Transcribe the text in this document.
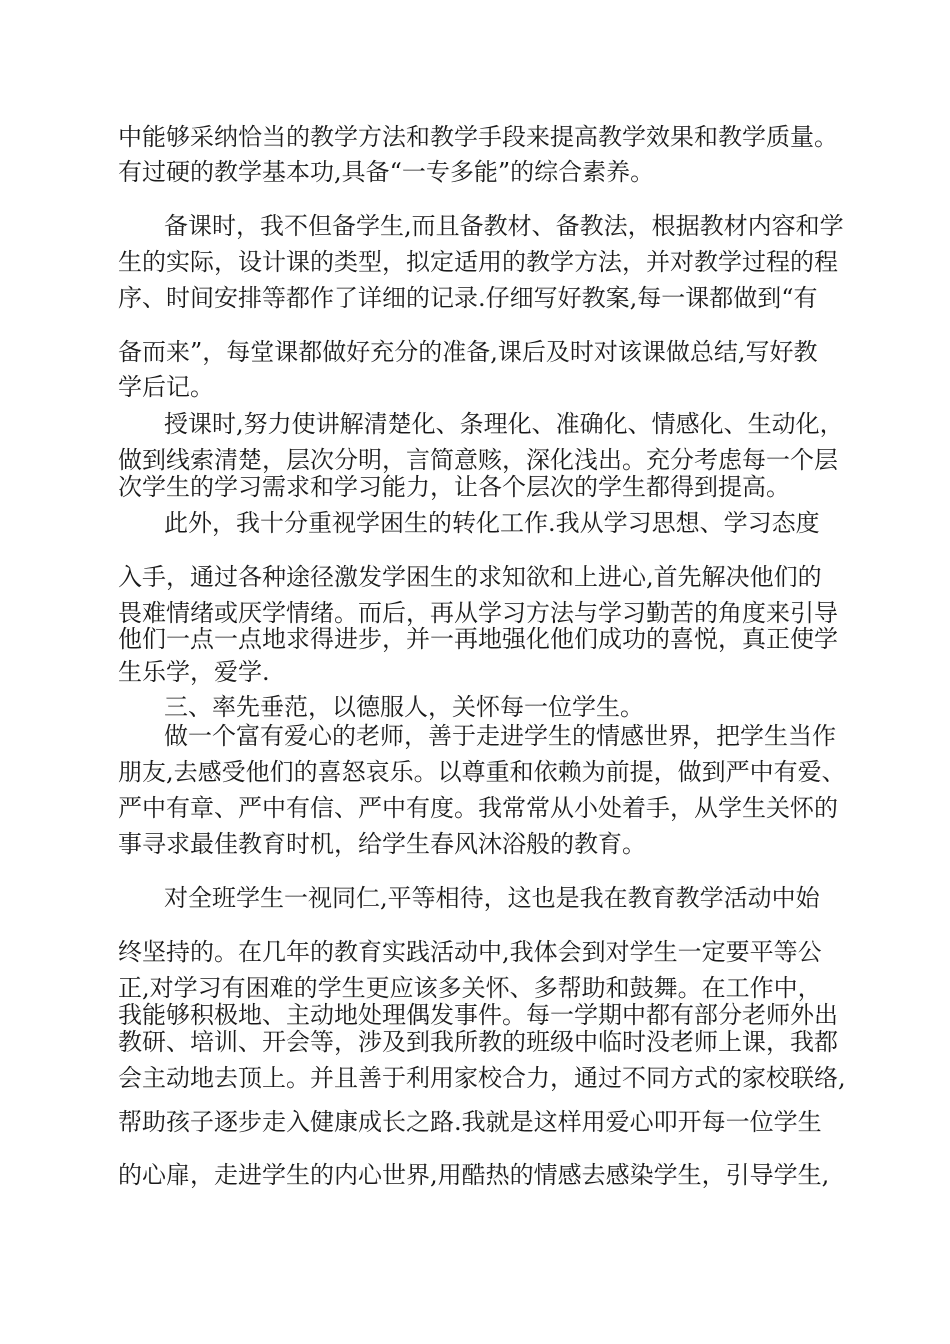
中能够采纳恰当的教学方法和教学手段来提高教学效果和教学质量。
有过硬的教学基本功,具备“一专多能”的综合素养。
备课时，我不但备学生,而且备教材、备教法，根据教材内容和学
生的实际，设计课的类型，拟定适用的教学方法，并对教学过程的程
序、时间安排等都作了详细的记录.仔细写好教案,每一课都做到“有
备而来”，每堂课都做好充分的准备,课后及时对该课做总结,写好教
学后记。
授课时,努力使讲解清楚化、条理化、准确化、情感化、生动化，
做到线索清楚，层次分明，言简意赅，深化浅出。充分考虑每一个层
次学生的学习需求和学习能力，让各个层次的学生都得到提高。
此外，我十分重视学困生的转化工作.我从学习思想、学习态度
入手，通过各种途径激发学困生的求知欲和上进心,首先解决他们的
畏难情绪或厌学情绪。而后，再从学习方法与学习勤苦的角度来引导
他们一点一点地求得进步，并一再地强化他们成功的喜悦，真正使学
生乐学，爱学.
三、率先垂范，以德服人，关怀每一位学生。
做一个富有爱心的老师，善于走进学生的情感世界，把学生当作
朋友,去感受他们的喜怒哀乐。以尊重和依赖为前提，做到严中有爱、
严中有章、严中有信、严中有度。我常常从小处着手，从学生关怀的
事寻求最佳教育时机，给学生春风沐浴般的教育。
对全班学生一视同仁,平等相待，这也是我在教育教学活动中始
终坚持的。在几年的教育实践活动中,我体会到对学生一定要平等公
正,对学习有困难的学生更应该多关怀、多帮助和鼓舞。在工作中，
我能够积极地、主动地处理偶发事件。每一学期中都有部分老师外出
教研、培训、开会等，涉及到我所教的班级中临时没老师上课，我都
会主动地去顶上。并且善于利用家校合力，通过不同方式的家校联络,
帮助孩子逐步走入健康成长之路.我就是这样用爱心叩开每一位学生
的心扉，走进学生的内心世界,用酷热的情感去感染学生，引导学生,
